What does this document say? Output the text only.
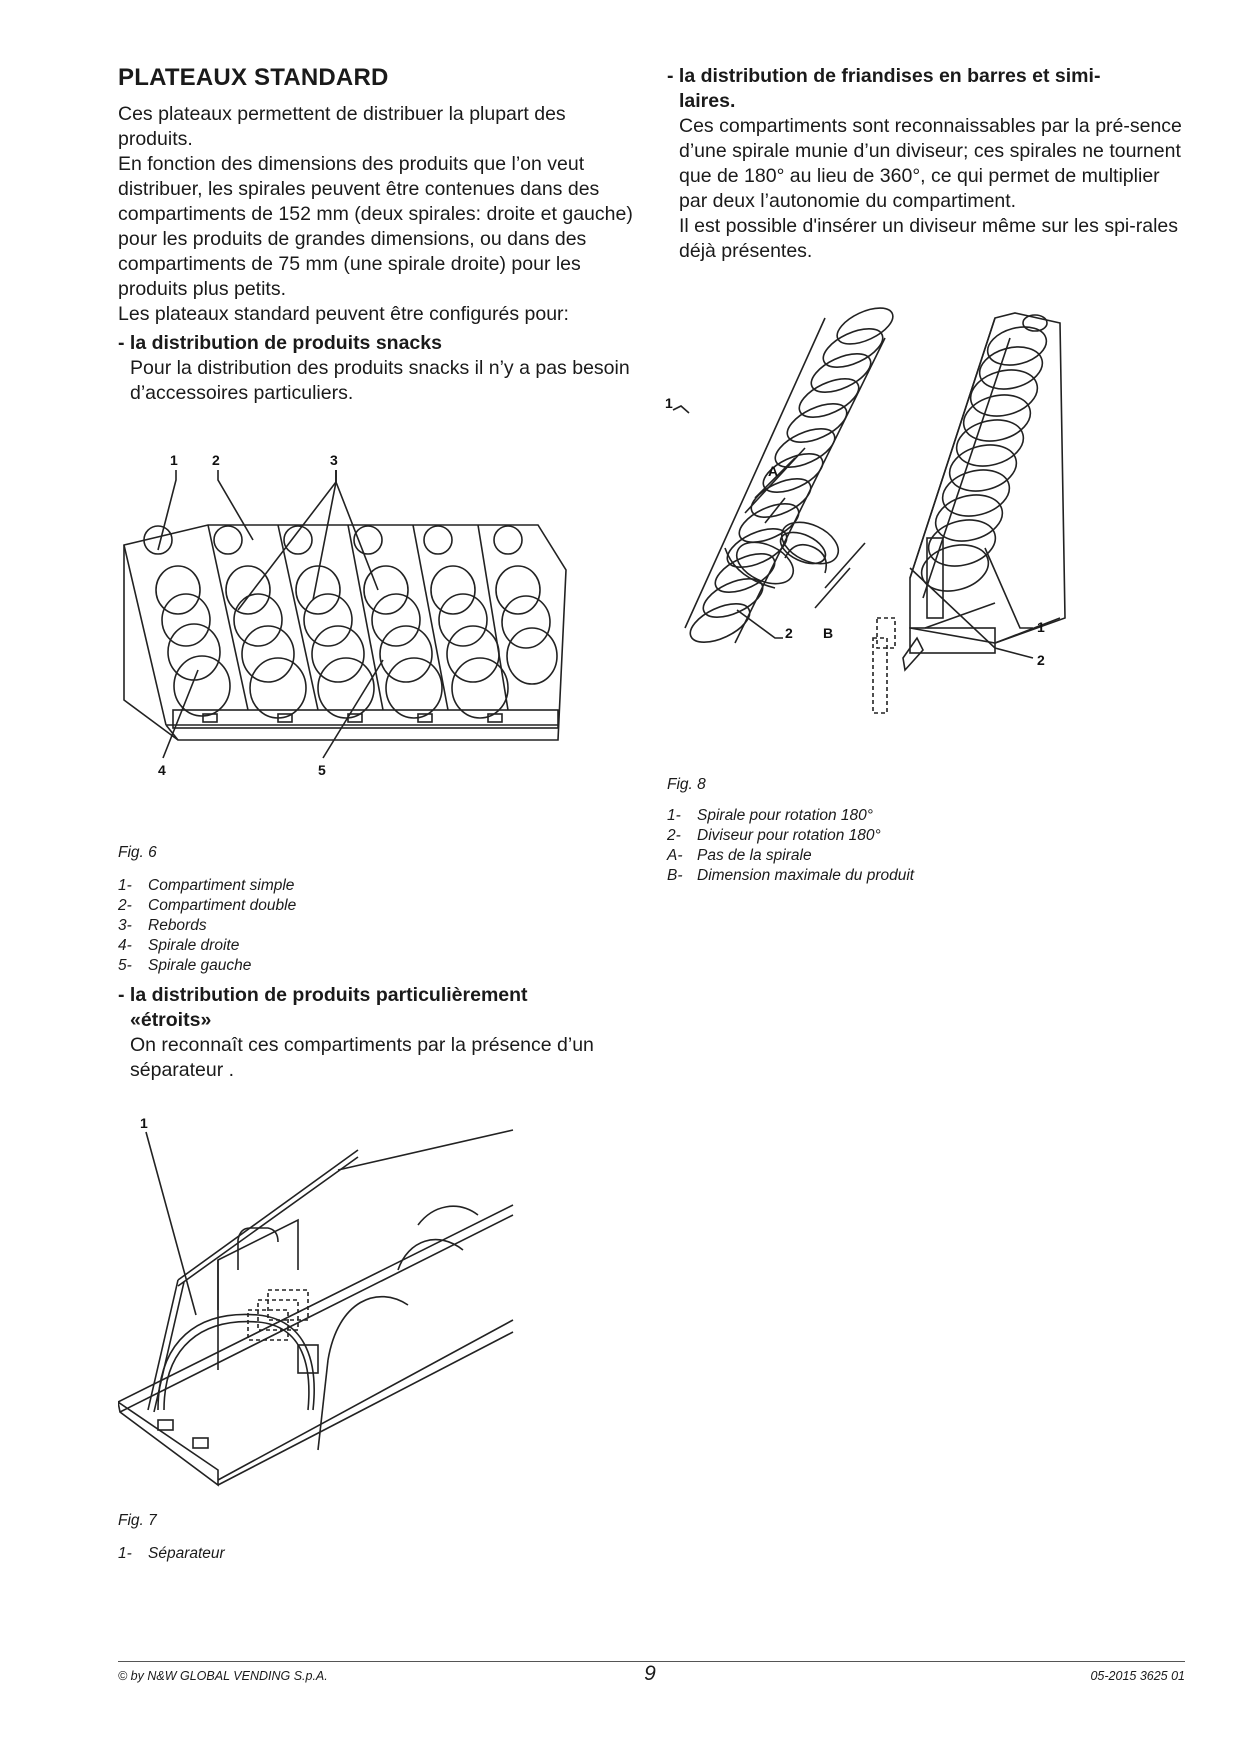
PLATEAUX STANDARD

Ces plateaux permettent de distribuer la plupart des produits.

En fonction des dimensions des produits que l’on veut distribuer, les spirales peuvent être contenues dans des compartiments de 152 mm (deux spirales: droite et gauche) pour les produits de grandes dimensions, ou dans des compartiments de 75 mm (une spirale droite) pour les produits plus petits.

Les plateaux standard peuvent être configurés pour:

- la distribution de produits snacks

Pour la distribution des produits snacks il n’y a pas besoin d’accessoires particuliers.

1 2	3
4	5
Fig. 6
1- Compartiment simple
2- Compartiment double
3- Rebords
4- Spirale droite
5- Spirale gauche
- la distribution de produits particulièrement
«étroits»

On reconnaît ces compartiments par la présence d’un séparateur .

1
Fig. 7
1- Séparateur
- la distribution de friandises en barres et simi-
laires.

Ces compartiments sont reconnaissables par la pré-sence d’une spirale munie d’un diviseur; ces spirales ne tournent que de 180° au lieu de 360°, ce qui permet de multiplier par deux l’autonomie du compartiment.

Il est possible d'insérer un diviseur même sur les spi-rales déjà présentes.

1
2
A
B	1
2
Fig. 8
1- Spirale pour rotation 180°
2- Diviseur pour rotation 180°
A- Pas de la spirale
B- Dimension maximale du produit
© by N&W GLOBAL VENDING S.p.A.	9	05-2015 3625 01
